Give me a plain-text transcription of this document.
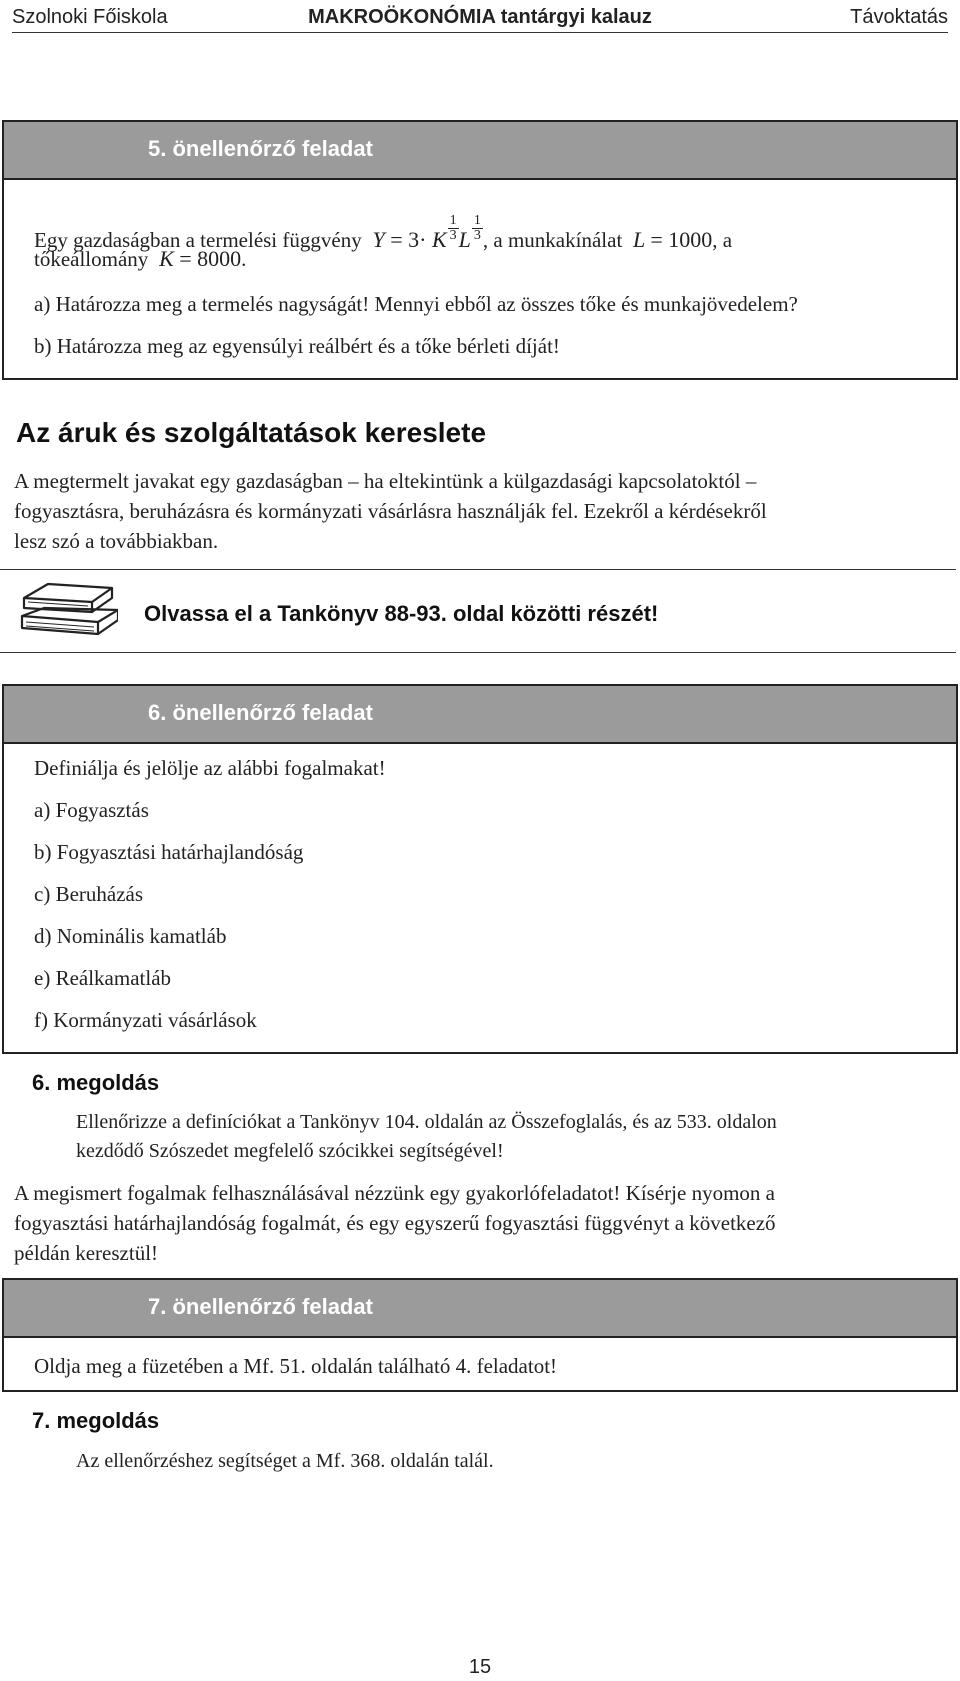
Szolnoki Főiskola	MAKROÖKONÓMIA tantárgyi kalauz	Távoktatás
5. önellenőrző feladat
Egy gazdaságban a termelési függvény Y = 3· K $\frac{1}{3}$ L $\frac{1}{3}$ , a munkakínálat L = 1000, a
tőkeállomány K = 8000.
a) Határozza meg a termelés nagyságát! Mennyi ebből az összes tőke és munkajövedelem?
b) Határozza meg az egyensúlyi reálbért és a tőke bérleti díját!
Az áruk és szolgáltatások kereslete
A megtermelt javakat egy gazdaságban – ha eltekintünk a külgazdasági kapcsolatoktól –
fogyasztásra, beruházásra és kormányzati vásárlásra használják fel. Ezekről a kérdésekről
lesz szó a továbbiakban.
Olvassa el a Tankönyv 88-93. oldal közötti részét!
6. önellenőrző feladat
Definiálja és jelölje az alábbi fogalmakat!
a) Fogyasztás
b) Fogyasztási határhajlandóság
c) Beruházás
d) Nominális kamatláb
e) Reálkamatláb
f) Kormányzati vásárlások
6. megoldás
Ellenőrizze a definíciókat a Tankönyv 104. oldalán az Összefoglalás, és az 533. oldalon
kezdődő Szószedet megfelelő szócikkei segítségével!
A megismert fogalmak felhasználásával nézzünk egy gyakorlófeladatot! Kísérje nyomon a
fogyasztási határhajlandóság fogalmát, és egy egyszerű fogyasztási függvényt a következő
példán keresztül!
7. önellenőrző feladat
Oldja meg a füzetében a Mf. 51. oldalán található 4. feladatot!
7. megoldás
Az ellenőrzéshez segítséget a Mf. 368. oldalán talál.
15
